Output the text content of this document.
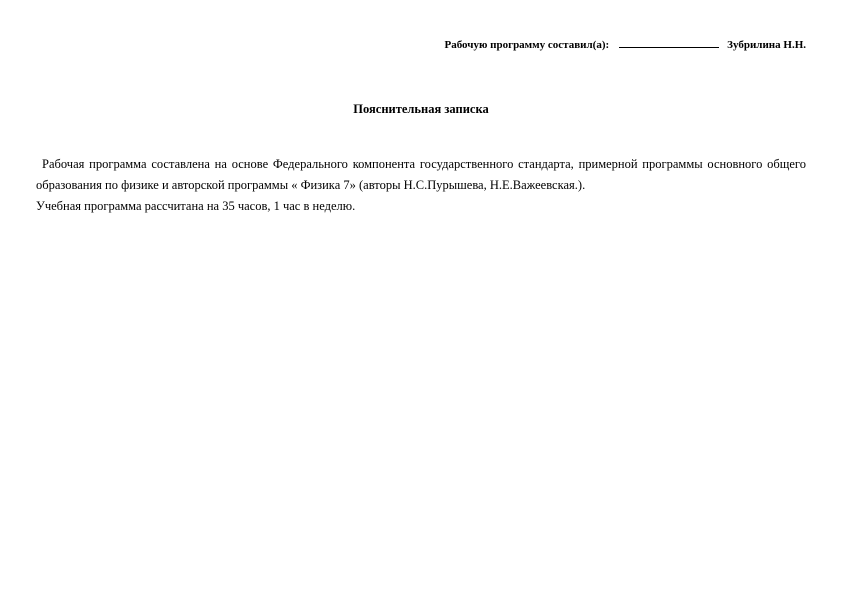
Рабочую программу составил(а):	Зубрилина Н.Н.
Пояснительная записка

Рабочая программа составлена на основе Федерального компонента государственного стандарта, примерной программы основного общего образования по физике и авторской программы « Физика 7» (авторы Н.С.Пурышева, Н.Е.Важеевская.).

Учебная программа рассчитана на 35 часов, 1 час в неделю.
